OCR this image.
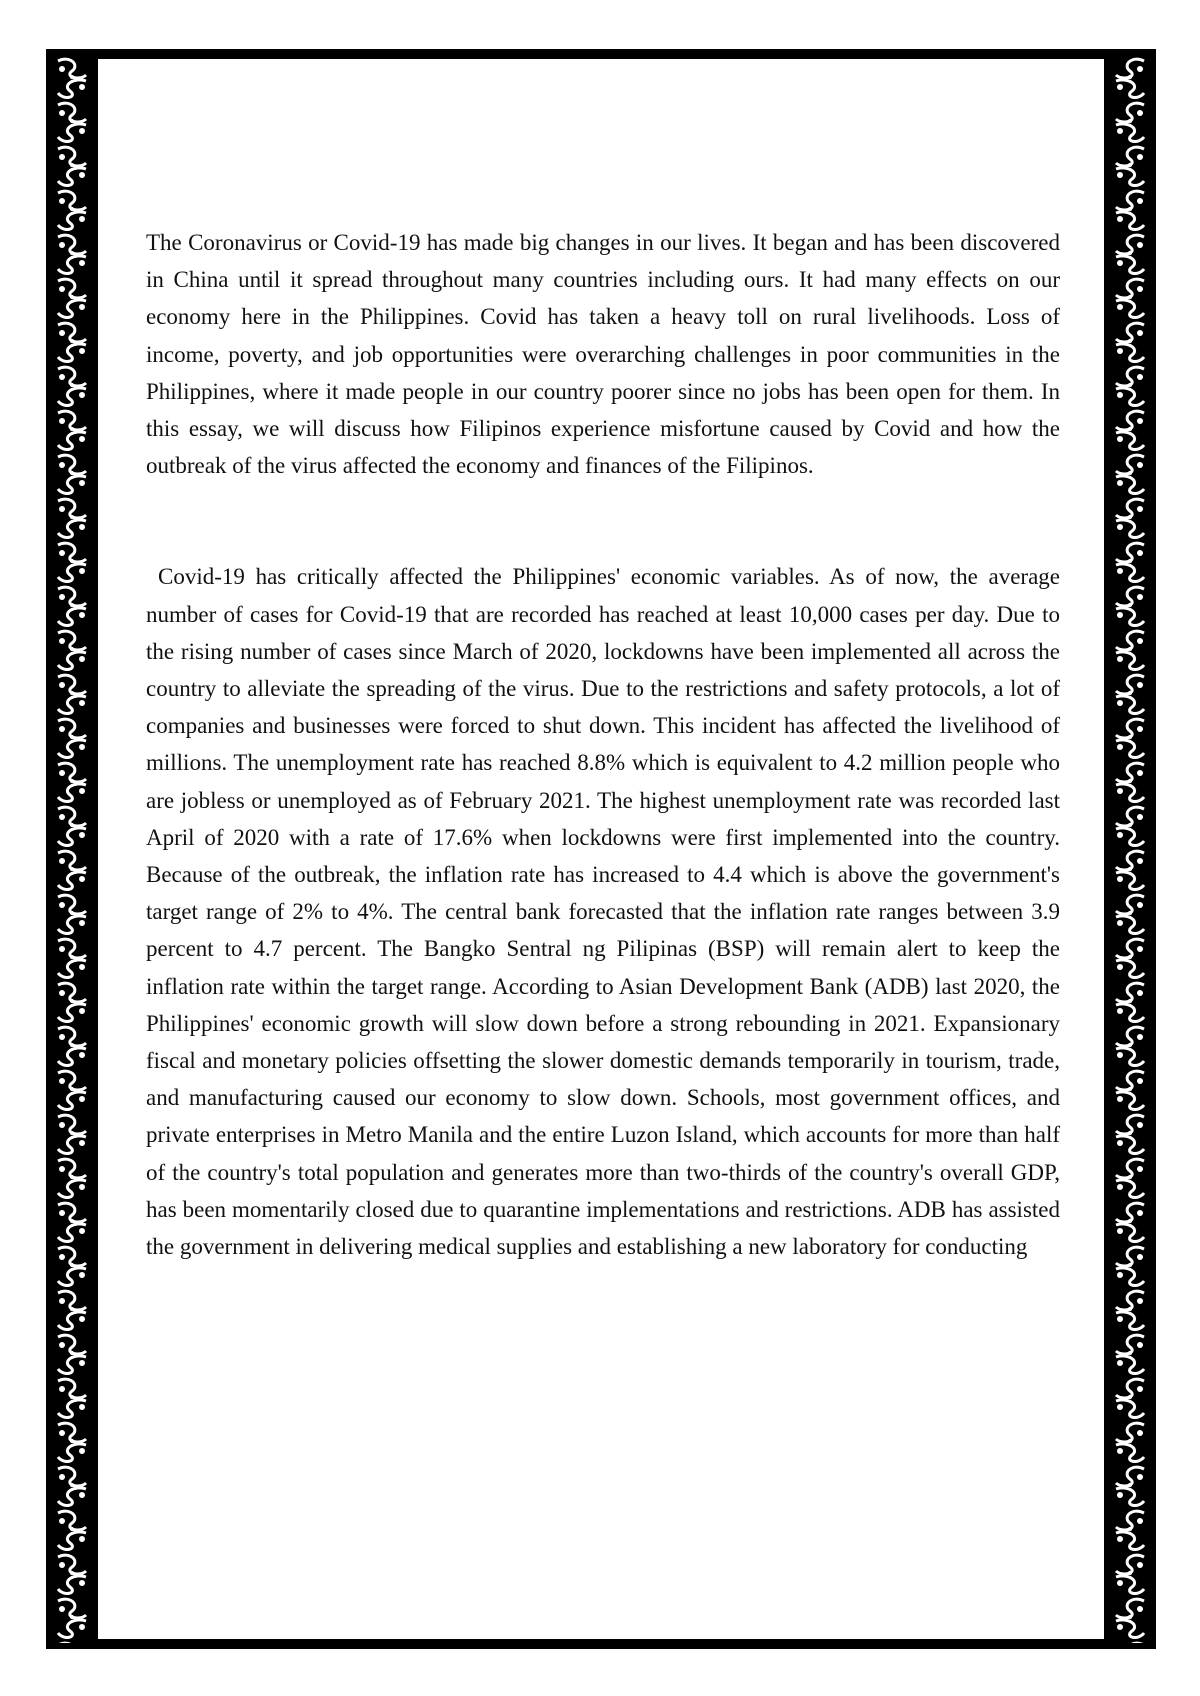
The Coronavirus or Covid-19 has made big changes in our lives. It began and has been discovered in China until it spread throughout many countries including ours. It had many effects on our economy here in the Philippines. Covid has taken a heavy toll on rural livelihoods. Loss of income, poverty, and job opportunities were overarching challenges in poor communities in the Philippines, where it made people in our country poorer since no jobs has been open for them. In this essay, we will discuss how Filipinos experience misfortune caused by Covid and how the outbreak of the virus affected the economy and finances of the Filipinos.

Covid-19 has critically affected the Philippines' economic variables. As of now, the average number of cases for Covid-19 that are recorded has reached at least 10,000 cases per day. Due to the rising number of cases since March of 2020, lockdowns have been implemented all across the country to alleviate the spreading of the virus. Due to the restrictions and safety protocols, a lot of companies and businesses were forced to shut down. This incident has affected the livelihood of millions. The unemployment rate has reached 8.8% which is equivalent to 4.2 million people who are jobless or unemployed as of February 2021. The highest unemployment rate was recorded last April of 2020 with a rate of 17.6% when lockdowns were first implemented into the country. Because of the outbreak, the inflation rate has increased to 4.4 which is above the government's target range of 2% to 4%. The central bank forecasted that the inflation rate ranges between 3.9 percent to 4.7 percent. The Bangko Sentral ng Pilipinas (BSP) will remain alert to keep the inflation rate within the target range. According to Asian Development Bank (ADB) last 2020, the Philippines' economic growth will slow down before a strong rebounding in 2021. Expansionary fiscal and monetary policies offsetting the slower domestic demands temporarily in tourism, trade, and manufacturing caused our economy to slow down. Schools, most government offices, and private enterprises in Metro Manila and the entire Luzon Island, which accounts for more than half of the country's total population and generates more than two-thirds of the country's overall GDP, has been momentarily closed due to quarantine implementations and restrictions. ADB has assisted the government in delivering medical supplies and establishing a new laboratory for conducting
